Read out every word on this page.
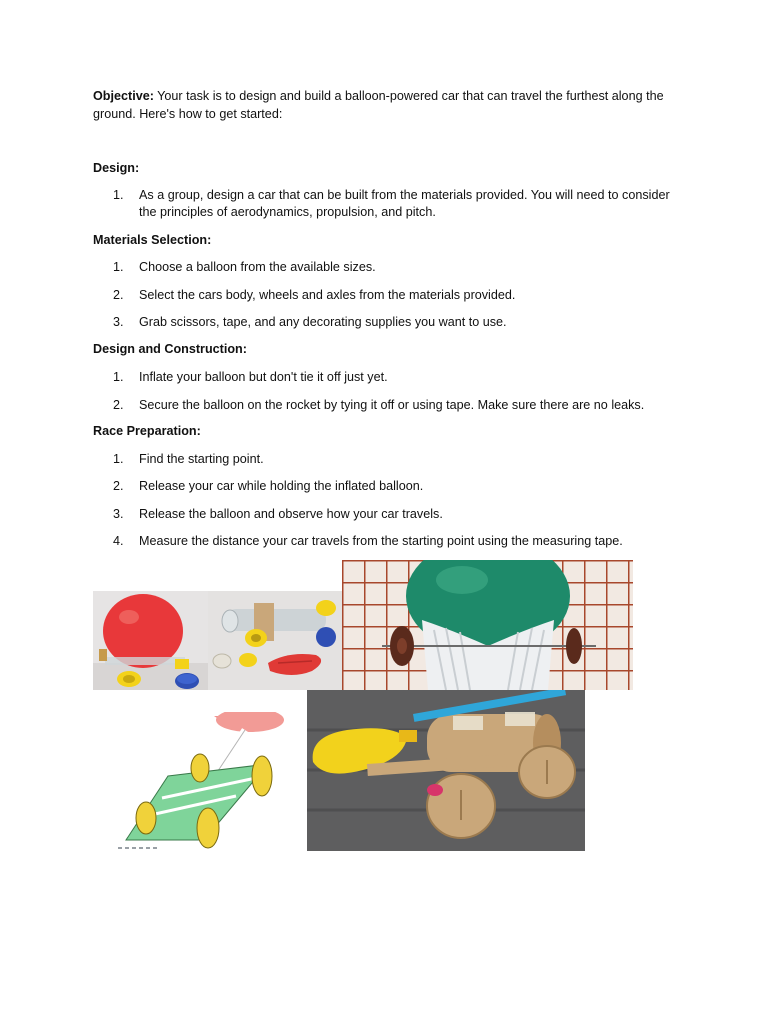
Objective: Your task is to design and build a balloon-powered car that can travel the furthest along the ground. Here's how to get started:

Design:
1.	As a group, design a car that can be built from the materials provided. You will need to consider the principles of aerodynamics, propulsion, and pitch.
Materials Selection:
1.	Choose a balloon from the available sizes.
2.	Select the cars body, wheels and axles from the materials provided.
3.	Grab scissors, tape, and any decorating supplies you want to use.
Design and Construction:
1.	Inflate your balloon but don't tie it off just yet.
2.	Secure the balloon on the rocket by tying it off or using tape. Make sure there are no leaks.
Race Preparation:
1.	Find the starting point.
2.	Release your car while holding the inflated balloon.
3.	Release the balloon and observe how your car travels.
4.	Measure the distance your car travels from the starting point using the measuring tape.
